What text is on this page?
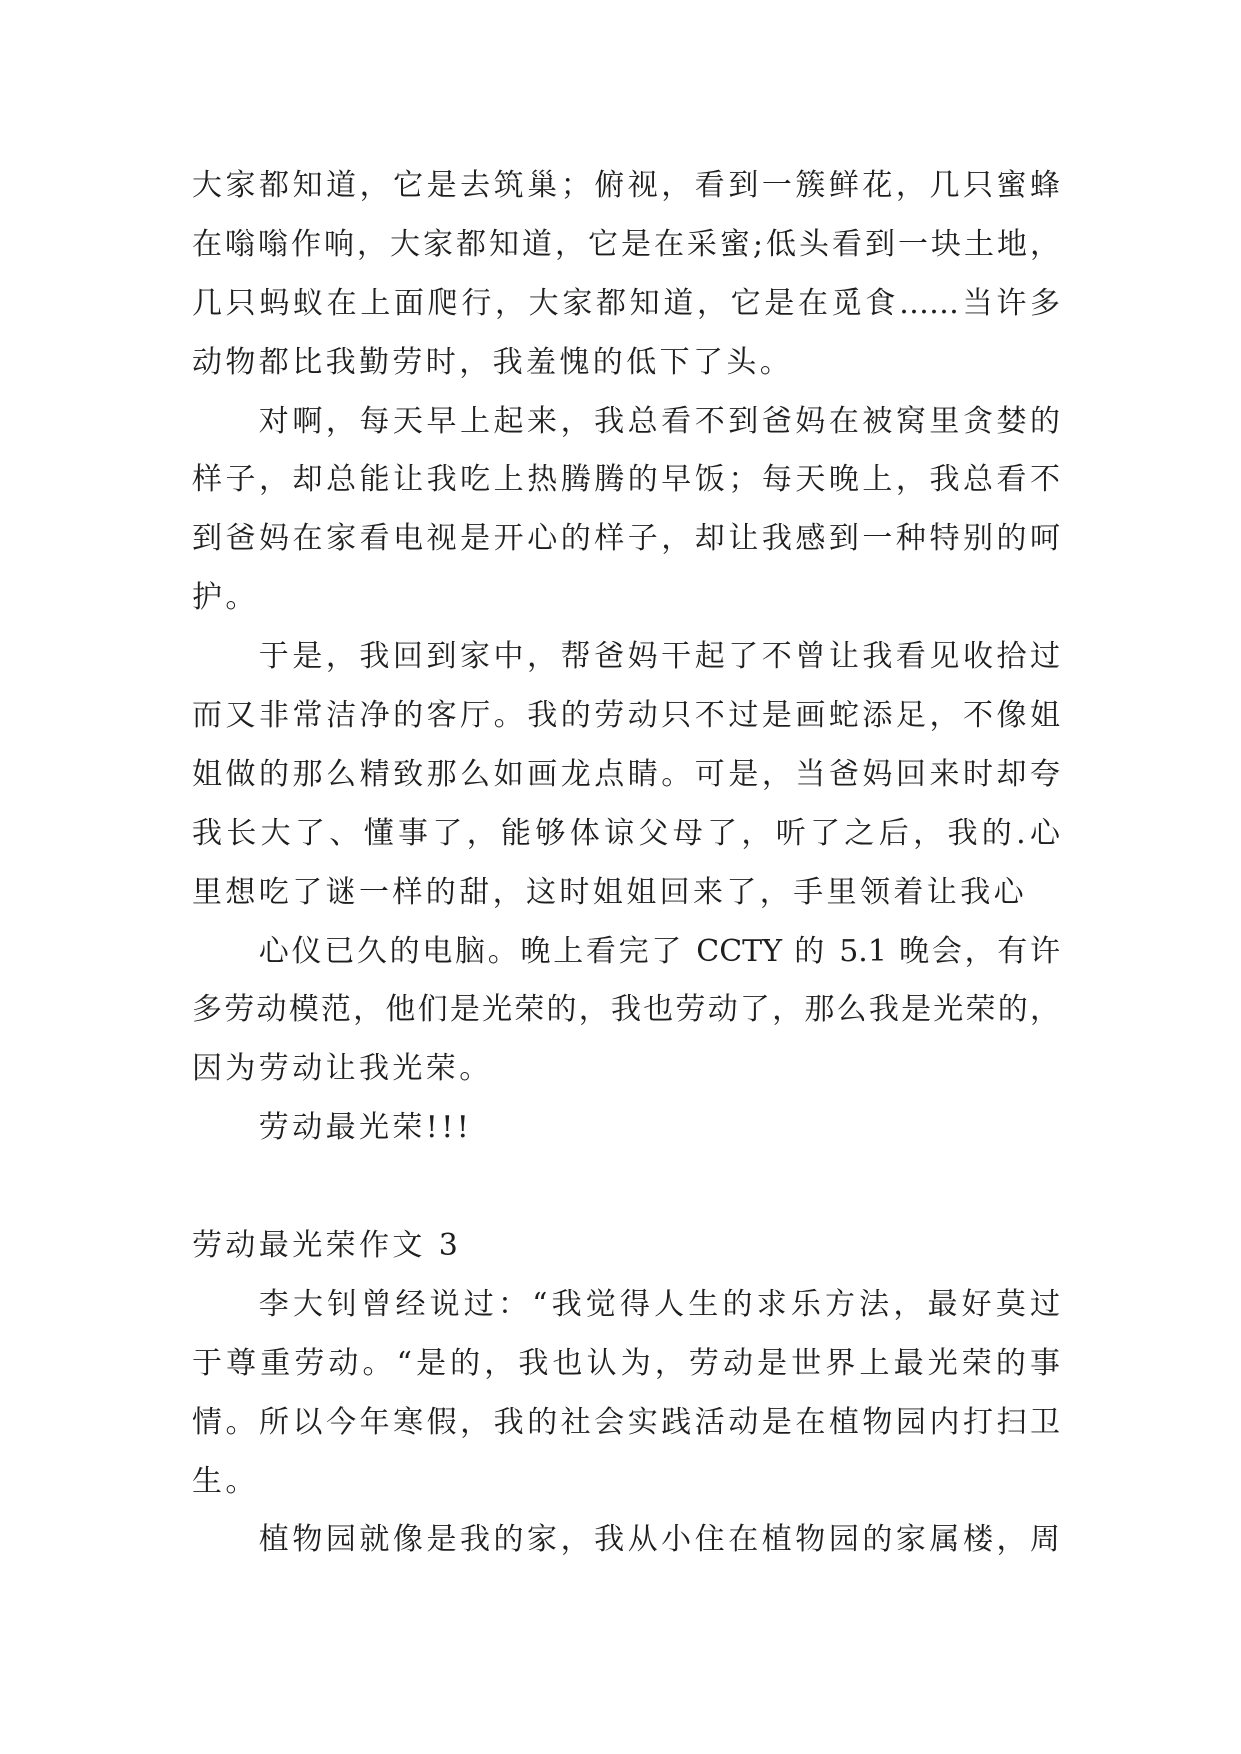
大家都知道，它是去筑巢；俯视，看到一簇鲜花，几只蜜蜂
在嗡嗡作响，大家都知道，它是在采蜜;低头看到一块土地，
几只蚂蚁在上面爬行，大家都知道，它是在觅食……当许多
动物都比我勤劳时，我羞愧的低下了头。
对啊，每天早上起来，我总看不到爸妈在被窝里贪婪的
样子，却总能让我吃上热腾腾的早饭；每天晚上，我总看不
到爸妈在家看电视是开心的样子，却让我感到一种特别的呵
护。
于是，我回到家中，帮爸妈干起了不曾让我看见收拾过
而又非常洁净的客厅。我的劳动只不过是画蛇添足，不像姐
姐做的那么精致那么如画龙点睛。可是，当爸妈回来时却夸
我长大了、懂事了，能够体谅父母了，听了之后，我的.心
里想吃了谜一样的甜，这时姐姐回来了，手里领着让我心
心仪已久的电脑。晚上看完了 CCTY 的 5.1 晚会，有许
多劳动模范，他们是光荣的，我也劳动了，那么我是光荣的，
因为劳动让我光荣。
劳动最光荣!!!
劳动最光荣作文 3
李大钊曾经说过：“我觉得人生的求乐方法，最好莫过
于尊重劳动。“是的，我也认为，劳动是世界上最光荣的事
情。所以今年寒假，我的社会实践活动是在植物园内打扫卫
生。
植物园就像是我的家，我从小住在植物园的家属楼，周
